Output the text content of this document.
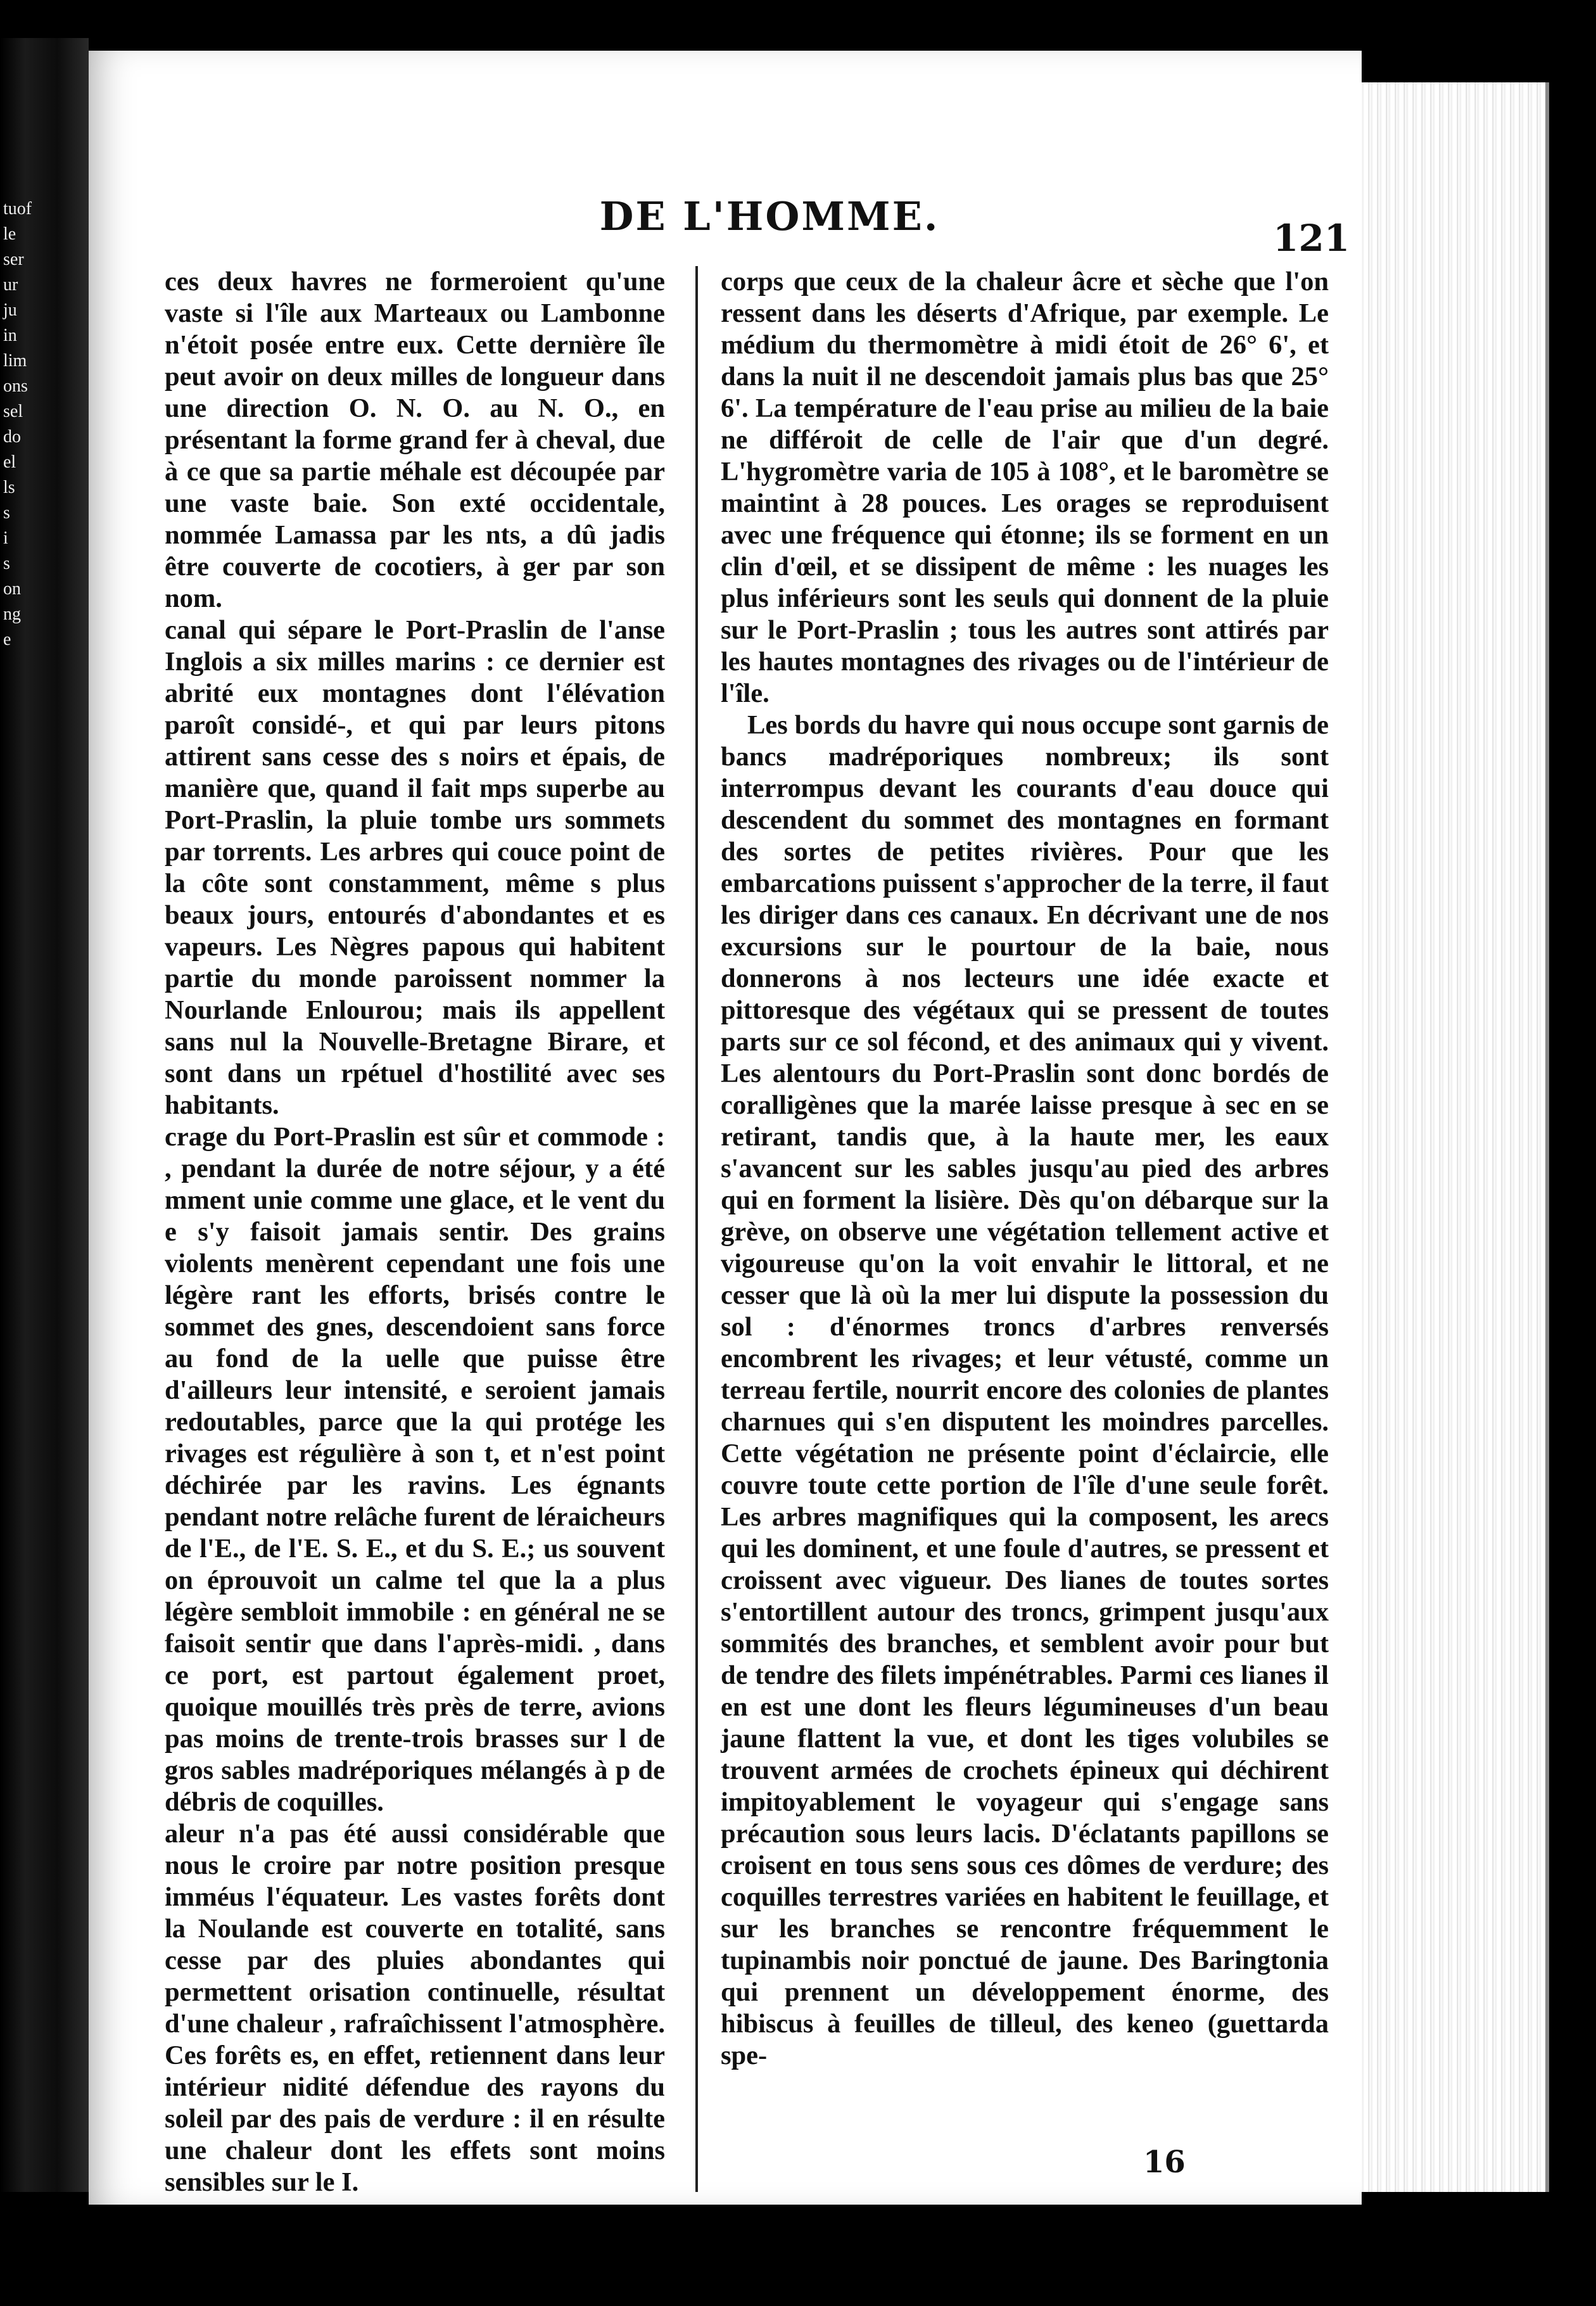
tuof
le
ser
ur
ju
in
lim
ons
sel
do
el
ls
s
i
s
on
ng
e
DE L'HOMME.	121

ces deux havres ne formeroient qu'une vaste si l'île aux Marteaux ou Lambonne n'étoit posée entre eux. Cette dernière île peut avoir on deux milles de longueur dans une direction O. N. O. au N. O., en présentant la forme grand fer à cheval, due à ce que sa partie méhale est découpée par une vaste baie. Son exté occidentale, nommée Lamassa par les nts, a dû jadis être couverte de cocotiers, à ger par son nom.

canal qui sépare le Port-Praslin de l'anse Inglois a six milles marins : ce dernier est abrité eux montagnes dont l'élévation paroît considé-, et qui par leurs pitons attirent sans cesse des s noirs et épais, de manière que, quand il fait mps superbe au Port-Praslin, la pluie tombe urs sommets par torrents. Les arbres qui couce point de la côte sont constamment, même s plus beaux jours, entourés d'abondantes et es vapeurs. Les Nègres papous qui habitent partie du monde paroissent nommer la Nourlande Enlourou; mais ils appellent sans nul la Nouvelle-Bretagne Birare, et sont dans un rpétuel d'hostilité avec ses habitants.

crage du Port-Praslin est sûr et commode : , pendant la durée de notre séjour, y a été mment unie comme une glace, et le vent du e s'y faisoit jamais sentir. Des grains violents menèrent cependant une fois une légère rant les efforts, brisés contre le sommet des gnes, descendoient sans force au fond de la uelle que puisse être d'ailleurs leur intensité, e seroient jamais redoutables, parce que la qui protége les rivages est régulière à son t, et n'est point déchirée par les ravins. Les égnants pendant notre relâche furent de léraicheurs de l'E., de l'E. S. E., et du S. E.; us souvent on éprouvoit un calme tel que la a plus légère sembloit immobile : en général ne se faisoit sentir que dans l'après-midi. , dans ce port, est partout également proet, quoique mouillés très près de terre, avions pas moins de trente-trois brasses sur l de gros sables madréporiques mélangés à p de débris de coquilles.

aleur n'a pas été aussi considérable que nous le croire par notre position presque imméus l'équateur. Les vastes forêts dont la Noulande est couverte en totalité, sans cesse par des pluies abondantes qui permettent orisation continuelle, résultat d'une chaleur , rafraîchissent l'atmosphère. Ces forêts es, en effet, retiennent dans leur intérieur nidité défendue des rayons du soleil par des pais de verdure : il en résulte une chaleur dont les effets sont moins sensibles sur le I.

corps que ceux de la chaleur âcre et sèche que l'on ressent dans les déserts d'Afrique, par exemple. Le médium du thermomètre à midi étoit de 26° 6', et dans la nuit il ne descendoit jamais plus bas que 25° 6'. La température de l'eau prise au milieu de la baie ne différoit de celle de l'air que d'un degré. L'hygromètre varia de 105 à 108°, et le baromètre se maintint à 28 pouces. Les orages se reproduisent avec une fréquence qui étonne; ils se forment en un clin d'œil, et se dissipent de même : les nuages les plus inférieurs sont les seuls qui donnent de la pluie sur le Port-Praslin ; tous les autres sont attirés par les hautes montagnes des rivages ou de l'intérieur de l'île.

Les bords du havre qui nous occupe sont garnis de bancs madréporiques nombreux; ils sont interrompus devant les courants d'eau douce qui descendent du sommet des montagnes en formant des sortes de petites rivières. Pour que les embarcations puissent s'approcher de la terre, il faut les diriger dans ces canaux. En décrivant une de nos excursions sur le pourtour de la baie, nous donnerons à nos lecteurs une idée exacte et pittoresque des végétaux qui se pressent de toutes parts sur ce sol fécond, et des animaux qui y vivent. Les alentours du Port-Praslin sont donc bordés de coralligènes que la marée laisse presque à sec en se retirant, tandis que, à la haute mer, les eaux s'avancent sur les sables jusqu'au pied des arbres qui en forment la lisière. Dès qu'on débarque sur la grève, on observe une végétation tellement active et vigoureuse qu'on la voit envahir le littoral, et ne cesser que là où la mer lui dispute la possession du sol : d'énormes troncs d'arbres renversés encombrent les rivages; et leur vétusté, comme un terreau fertile, nourrit encore des colonies de plantes charnues qui s'en disputent les moindres parcelles. Cette végétation ne présente point d'éclaircie, elle couvre toute cette portion de l'île d'une seule forêt. Les arbres magnifiques qui la composent, les arecs qui les dominent, et une foule d'autres, se pressent et croissent avec vigueur. Des lianes de toutes sortes s'entortillent autour des troncs, grimpent jusqu'aux sommités des branches, et semblent avoir pour but de tendre des filets impénétrables. Parmi ces lianes il en est une dont les fleurs légumineuses d'un beau jaune flattent la vue, et dont les tiges volubiles se trouvent armées de crochets épineux qui déchirent impitoyablement le voyageur qui s'engage sans précaution sous leurs lacis. D'éclatants papillons se croisent en tous sens sous ces dômes de verdure; des coquilles terrestres variées en habitent le feuillage, et sur les branches se rencontre fréquemment le tupinambis noir ponctué de jaune. Des Baringtonia qui prennent un développement énorme, des hibiscus à feuilles de tilleul, des keneo (guettarda spe-

16
